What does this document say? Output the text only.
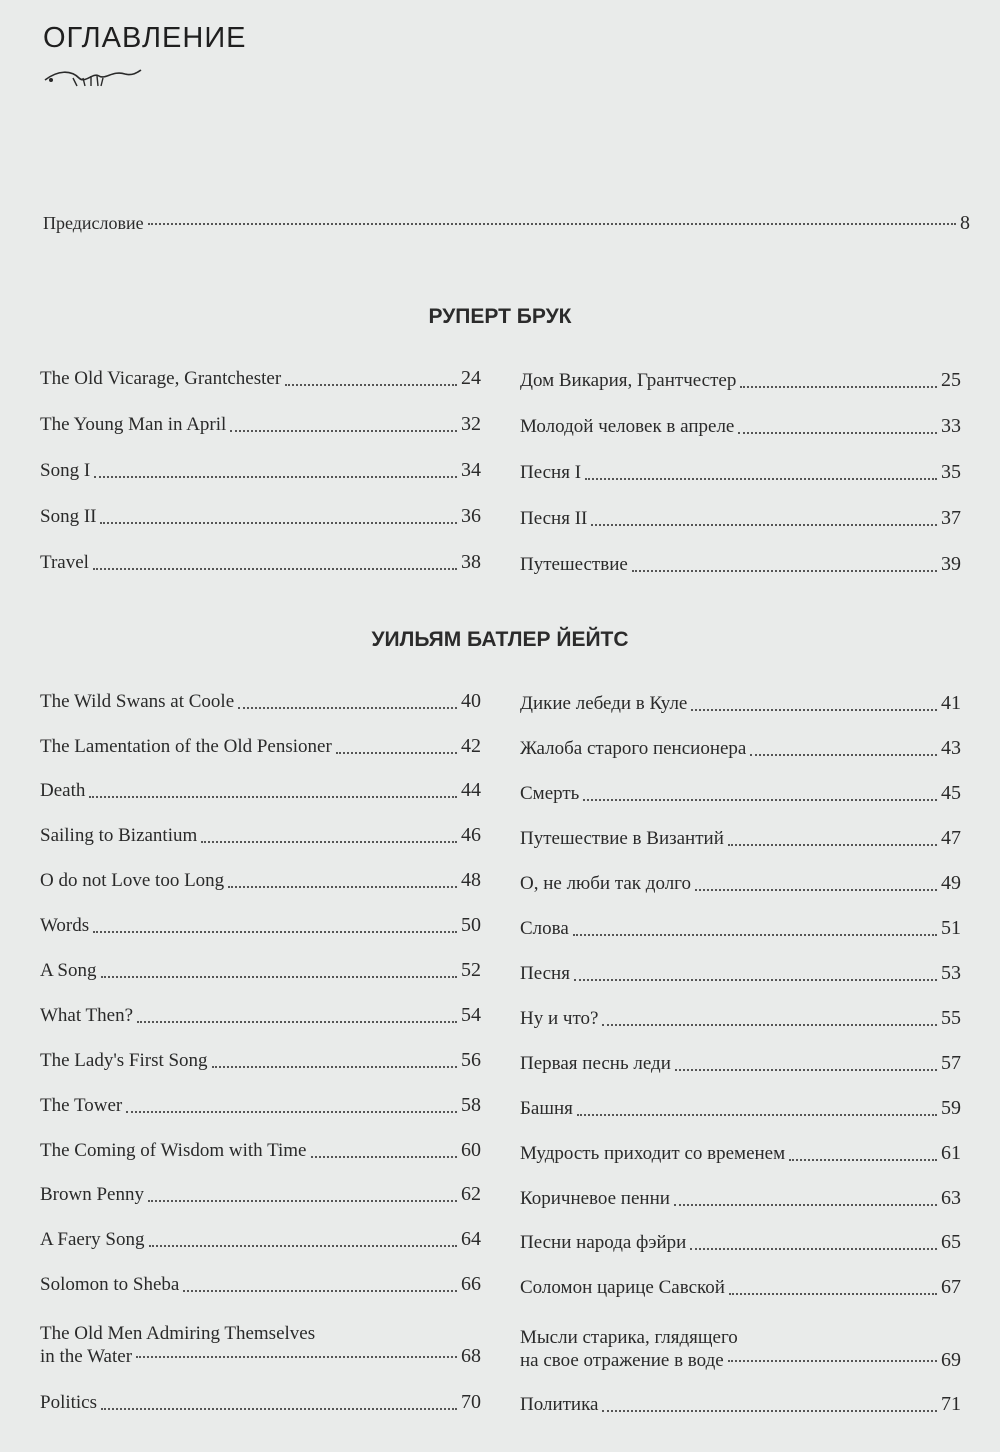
ОГЛАВЛЕНИЕ
Предисловие	8
РУПЕРТ БРУК
The Old Vicarage, Grantchester	24
The Young Man in April	32
Song I	34
Song II	36
Travel	38
Дом Викария, Грантчестер	25
Молодой человек в апреле	33
Песня I	35
Песня II	37
Путешествие	39
УИЛЬЯМ БАТЛЕР ЙЕЙТС
The Wild Swans at Coole	40
The Lamentation of the Old Pensioner	42
Death	44
Sailing to Bizantium	46
O do not Love too Long	48
Words	50
A Song	52
What Then?	54
The Lady's First Song	56
The Tower	58
The Coming of Wisdom with Time	60
Brown Penny	62
A Faery Song	64
Solomon to Sheba	66
The Old Men Admiring Themselves
in the Water	68
Politics	70
Дикие лебеди в Куле	41
Жалоба старого пенсионера	43
Смерть	45
Путешествие в Византий	47
О, не люби так долго	49
Слова	51
Песня	53
Ну и что?	55
Первая песнь леди	57
Башня	59
Мудрость приходит со временем	61
Коричневое пенни	63
Песни народа фэйри	65
Соломон царице Савской	67
Мысли старика, глядящего
на свое отражение в воде	69
Политика	71
